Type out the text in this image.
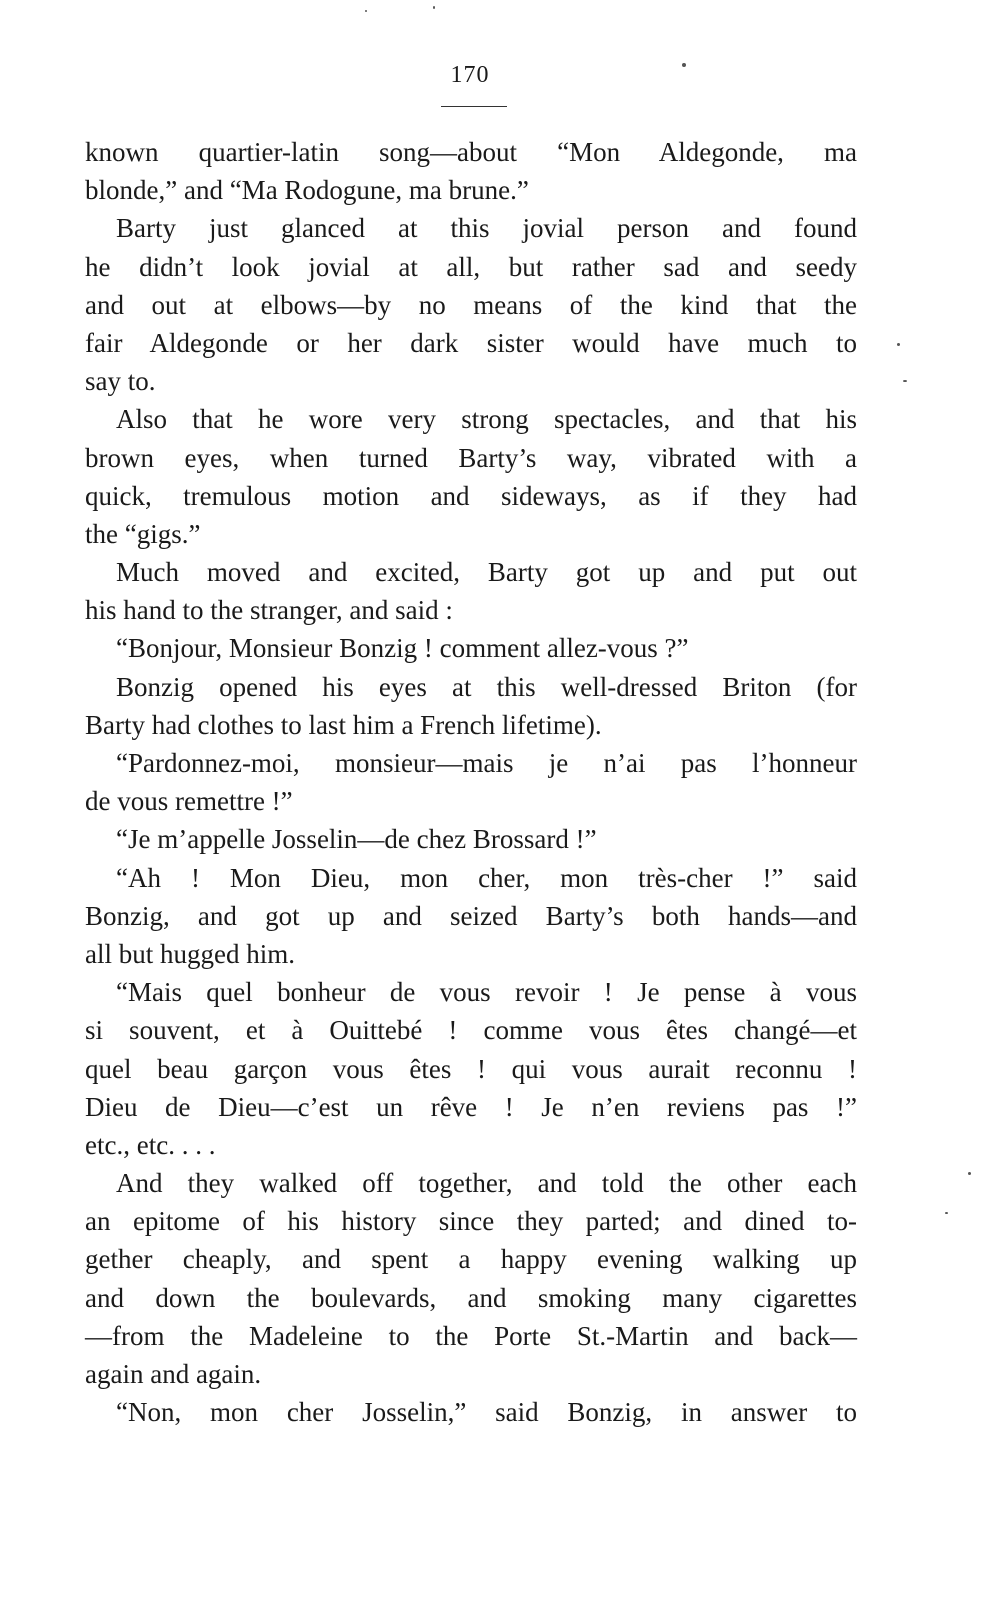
170
known quartier-latin song—about “Mon Aldegonde, ma
blonde,” and “Ma Rodogune, ma brune.”
Barty just glanced at this jovial person and found
he didn’t look jovial at all, but rather sad and seedy
and out at elbows—by no means of the kind that the
fair Aldegonde or her dark sister would have much to
say to.
Also that he wore very strong spectacles, and that his
brown eyes, when turned Barty’s way, vibrated with a
quick, tremulous motion and sideways, as if they had
the “gigs.”
Much moved and excited, Barty got up and put out
his hand to the stranger, and said :
“Bonjour, Monsieur Bonzig ! comment allez-vous ?”
Bonzig opened his eyes at this well-dressed Briton (for
Barty had clothes to last him a French lifetime).
“Pardonnez-moi, monsieur—mais je n’ai pas l’honneur
de vous remettre !”
“Je m’appelle Josselin—de chez Brossard !”
“Ah ! Mon Dieu, mon cher, mon très-cher !” said
Bonzig, and got up and seized Barty’s both hands—and
all but hugged him.
“Mais quel bonheur de vous revoir ! Je pense à vous
si souvent, et à Ouittebé ! comme vous êtes changé—et
quel beau garçon vous êtes ! qui vous aurait reconnu !
Dieu de Dieu—c’est un rêve ! Je n’en reviens pas !”
etc., etc. . . .
And they walked off together, and told the other each
an epitome of his history since they parted; and dined to-
gether cheaply, and spent a happy evening walking up
and down the boulevards, and smoking many cigarettes
—from the Madeleine to the Porte St.-Martin and back—
again and again.
“Non, mon cher Josselin,” said Bonzig, in answer to
